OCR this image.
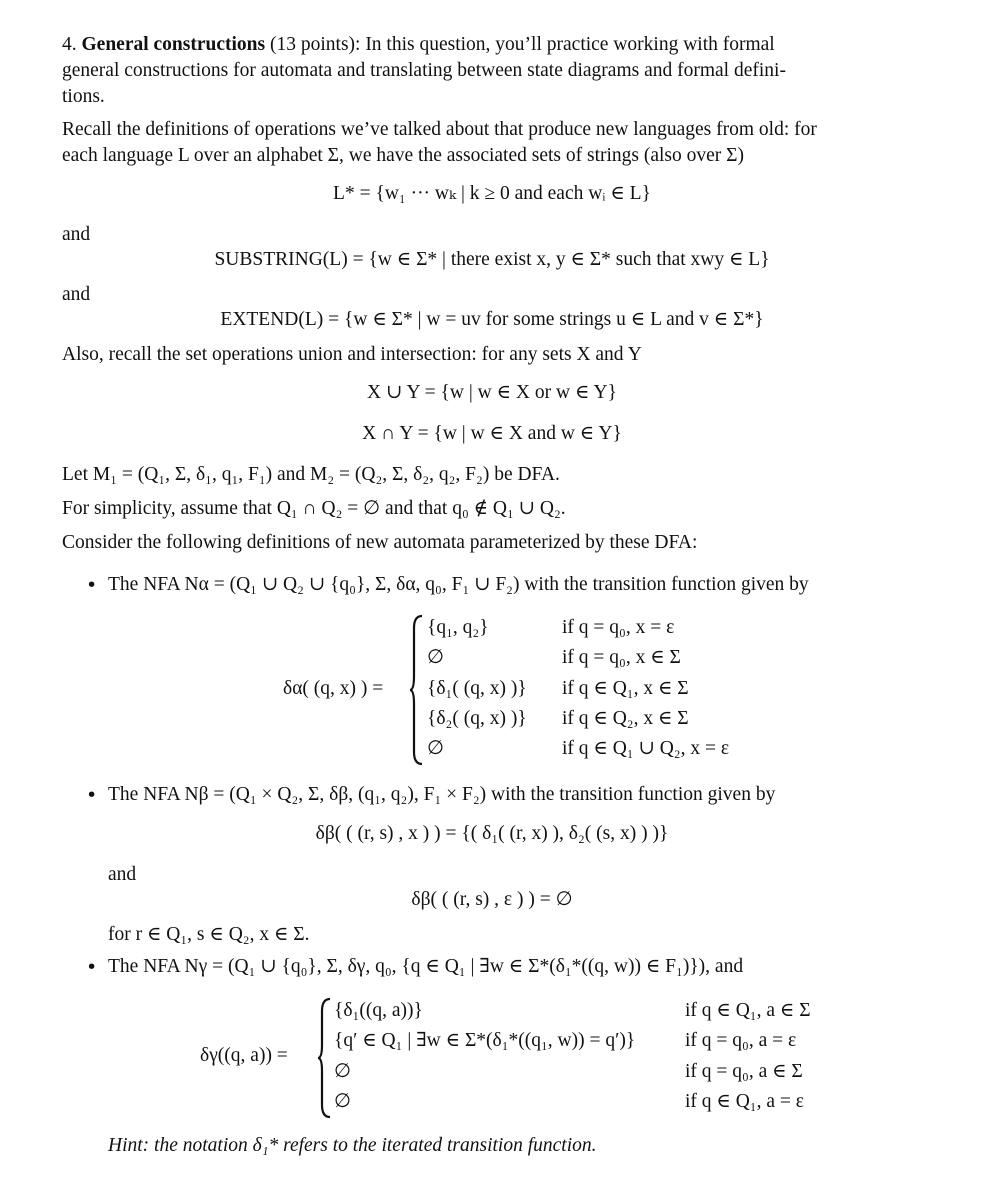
4. General constructions (13 points): In this question, you’ll practice working with formal
general constructions for automata and translating between state diagrams and formal defini-
tions.
Recall the definitions of operations we’ve talked about that produce new languages from old: for
each language L over an alphabet Σ, we have the associated sets of strings (also over Σ)
L* = {w₁ ··· wₖ | k ≥ 0 and each wᵢ ∈ L}
and
SUBSTRING(L) = {w ∈ Σ* | there exist x, y ∈ Σ* such that xwy ∈ L}
and
EXTEND(L) = {w ∈ Σ* | w = uv for some strings u ∈ L and v ∈ Σ*}
Also, recall the set operations union and intersection: for any sets X and Y
X ∪ Y = {w | w ∈ X or w ∈ Y}
X ∩ Y = {w | w ∈ X and w ∈ Y}
Let M₁ = (Q₁, Σ, δ₁, q₁, F₁) and M₂ = (Q₂, Σ, δ₂, q₂, F₂) be DFA.
For simplicity, assume that Q₁ ∩ Q₂ = ∅ and that q₀ ∉ Q₁ ∪ Q₂.
Consider the following definitions of new automata parameterized by these DFA:
• The NFA Nα = (Q₁ ∪ Q₂ ∪ {q₀}, Σ, δα, q₀, F₁ ∪ F₂) with the transition function given by
δα( (q, x) ) =
{q₁, q₂}	if q = q₀, x = ε
∅	if q = q₀, x ∈ Σ
{δ₁( (q, x) )} if q ∈ Q₁, x ∈ Σ
{δ₂( (q, x) )} if q ∈ Q₂, x ∈ Σ
∅	if q ∈ Q₁ ∪ Q₂, x = ε
• The NFA Nβ = (Q₁ × Q₂, Σ, δβ, (q₁, q₂), F₁ × F₂) with the transition function given by
δβ( ( (r, s) , x ) ) = {( δ₁( (r, x) ), δ₂( (s, x) ) )}
and
δβ( ( (r, s) , ε ) ) = ∅
for r ∈ Q₁, s ∈ Q₂, x ∈ Σ.
• The NFA Nγ = (Q₁ ∪ {q₀}, Σ, δγ, q₀, {q ∈ Q₁ | ∃w ∈ Σ*(δ₁*((q, w)) ∈ F₁)}), and
δγ((q, a)) =
{δ₁((q, a))}	if q ∈ Q₁, a ∈ Σ
{q′ ∈ Q₁ | ∃w ∈ Σ*(δ₁*((q₁, w)) = q′)}	if q = q₀, a = ε
∅	if q = q₀, a ∈ Σ
∅	if q ∈ Q₁, a = ε
Hint: the notation δ₁* refers to the iterated transition function.
